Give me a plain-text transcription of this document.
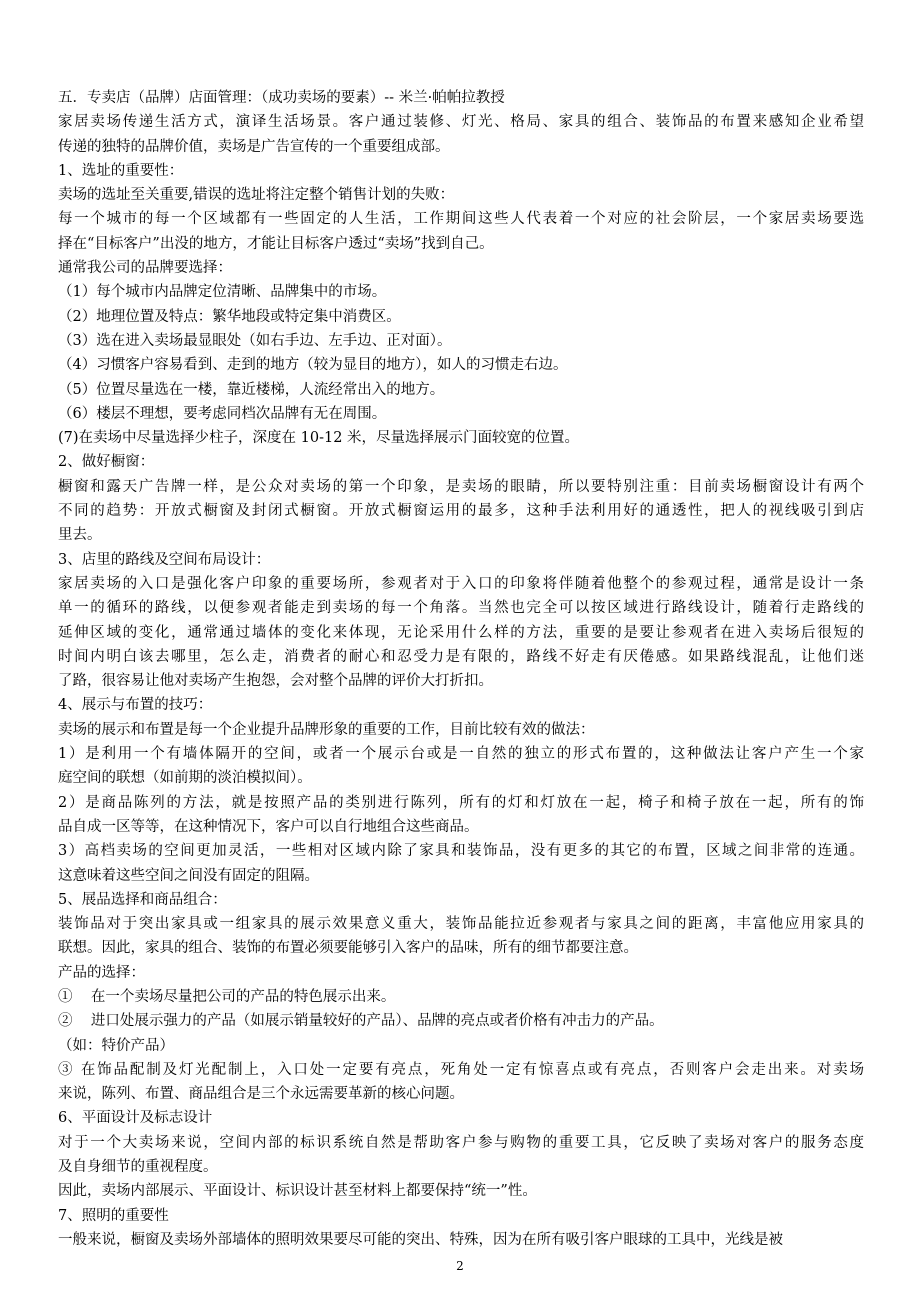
五．专卖店（品牌）店面管理：（成功卖场的要素）-- 米兰·帕帕拉教授
家居卖场传递生活方式，演译生活场景。客户通过装修、灯光、格局、家具的组合、装饰品的布置来感知企业希望
传递的独特的品牌价值，卖场是广告宣传的一个重要组成部。
1、选址的重要性：
卖场的选址至关重要,错误的选址将注定整个销售计划的失败：
每一个城市的每一个区域都有一些固定的人生活，工作期间这些人代表着一个对应的社会阶层，一个家居卖场要选
择在“目标客户”出没的地方，才能让目标客户透过“卖场”找到自己。
通常我公司的品牌要选择：
（1）每个城市内品牌定位清晰、品牌集中的市场。
（2）地理位置及特点：繁华地段或特定集中消费区。
（3）选在进入卖场最显眼处（如右手边、左手边、正对面）。
（4）习惯客户容易看到、走到的地方（较为显目的地方），如人的习惯走右边。
（5）位置尽量选在一楼，靠近楼梯，人流经常出入的地方。
（6）楼层不理想，要考虑同档次品牌有无在周围。
(7)在卖场中尽量选择少柱子，深度在 10-12 米，尽量选择展示门面较宽的位置。
2、做好橱窗：
橱窗和露天广告牌一样，是公众对卖场的第一个印象，是卖场的眼睛，所以要特别注重：目前卖场橱窗设计有两个
不同的趋势：开放式橱窗及封闭式橱窗。开放式橱窗运用的最多，这种手法利用好的通透性，把人的视线吸引到店
里去。
3、店里的路线及空间布局设计：
家居卖场的入口是强化客户印象的重要场所，参观者对于入口的印象将伴随着他整个的参观过程，通常是设计一条
单一的循环的路线，以便参观者能走到卖场的每一个角落。当然也完全可以按区域进行路线设计，随着行走路线的
延伸区域的变化，通常通过墙体的变化来体现，无论采用什么样的方法，重要的是要让参观者在进入卖场后很短的
时间内明白该去哪里，怎么走，消费者的耐心和忍受力是有限的，路线不好走有厌倦感。如果路线混乱，让他们迷
了路，很容易让他对卖场产生抱怨，会对整个品牌的评价大打折扣。
4、展示与布置的技巧：
卖场的展示和布置是每一个企业提升品牌形象的重要的工作，目前比较有效的做法：
1）是利用一个有墙体隔开的空间，或者一个展示台或是一自然的独立的形式布置的，这种做法让客户产生一个家
庭空间的联想（如前期的淡泊模拟间）。
2）是商品陈列的方法，就是按照产品的类别进行陈列，所有的灯和灯放在一起，椅子和椅子放在一起，所有的饰
品自成一区等等，在这种情况下，客户可以自行地组合这些商品。
3）高档卖场的空间更加灵活，一些相对区域内除了家具和装饰品，没有更多的其它的布置，区域之间非常的连通。
这意味着这些空间之间没有固定的阻隔。
5、展品选择和商品组合：
装饰品对于突出家具或一组家具的展示效果意义重大，装饰品能拉近参观者与家具之间的距离，丰富他应用家具的
联想。因此，家具的组合、装饰的布置必须要能够引入客户的品味，所有的细节都要注意。
产品的选择：
①    在一个卖场尽量把公司的产品的特色展示出来。
②    进口处展示强力的产品（如展示销量较好的产品）、品牌的亮点或者价格有冲击力的产品。
（如：特价产品）
③ 在饰品配制及灯光配制上，入口处一定要有亮点，死角处一定有惊喜点或有亮点，否则客户会走出来。对卖场
来说，陈列、布置、商品组合是三个永远需要革新的核心问题。
6、平面设计及标志设计
对于一个大卖场来说，空间内部的标识系统自然是帮助客户参与购物的重要工具，它反映了卖场对客户的服务态度
及自身细节的重视程度。
因此，卖场内部展示、平面设计、标识设计甚至材料上都要保持“统一”性。
7、照明的重要性
一般来说，橱窗及卖场外部墙体的照明效果要尽可能的突出、特殊，因为在所有吸引客户眼球的工具中，光线是被
2
